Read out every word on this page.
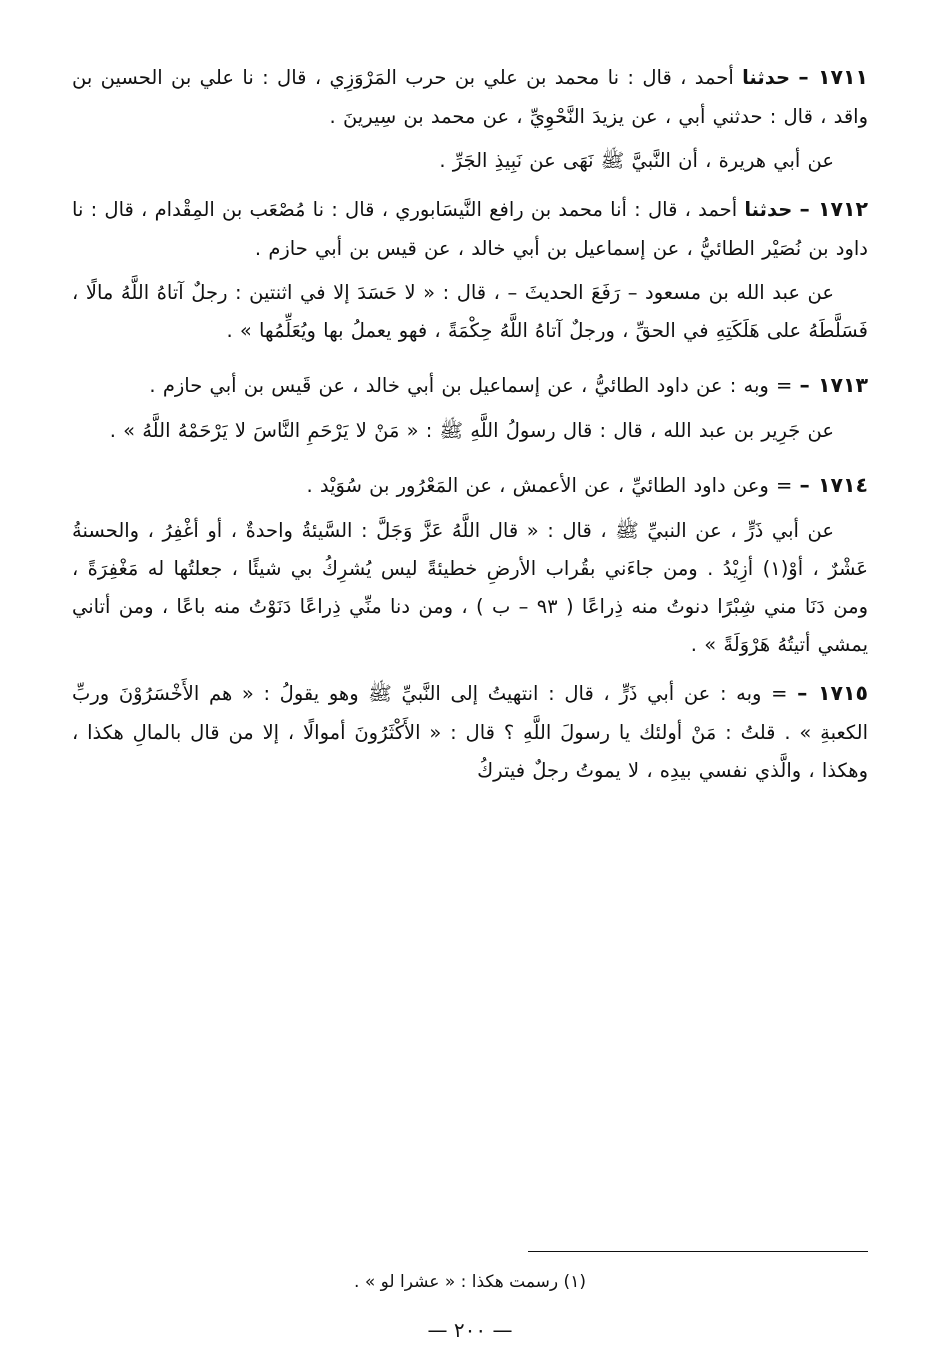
١٧١١ – حدثنا أحمد ، قال : نا محمد بن علي بن حرب المَرْوَزِي ، قال : نا علي بن الحسين بن واقد ، قال : حدثني أبي ، عن يزيدَ النَّحْوِيِّ ، عن محمد بن سِيرينَ .

عن أبي هريرة ، أن النَّبيَّ ﷺ نَهَى عن نَبِيذِ الجَرِّ .

١٧١٢ – حدثنا أحمد ، قال : أنا محمد بن رافع النَّيسَابوري ، قال : نا مُصْعَب بن المِقْدام ، قال : نا داود بن نُصَيْر الطائيُّ ، عن إسماعيل بن أبي خالد ، عن قيس بن أبي حازم .

عن عبد الله بن مسعود – رَفَعَ الحديثَ – ، قال : « لا حَسَدَ إلا في اثنتين : رجلٌ آتاهُ اللَّهُ مالًا ، فَسَلَّطَهُ على هَلَكَتِهِ في الحقِّ ، ورجلٌ آتاهُ اللَّهُ حِكْمَةً ، فهو يعملُ بها ويُعَلِّمُها » .

١٧١٣ – = وبه : عن داود الطائيُّ ، عن إسماعيل بن أبي خالد ، عن قَيس بن أبي حازم .

عن جَرِير بن عبد الله ، قال : قال رسولُ اللَّهِ ﷺ : « مَنْ لا يَرْحَمِ النَّاسَ لا يَرْحَمْهُ اللَّهُ » .

١٧١٤ – = وعن داود الطائيِّ ، عن الأعمش ، عن المَعْرُور بن سُوَيْد .

عن أبي ذَرٍّ ، عن النبيِّ ﷺ ، قال : « قال اللَّهُ عَزَّ وَجَلَّ : السَّيئةُ واحدةٌ ، أو أغْفِرُ ، والحسنةُ عَشْرٌ ، أوْ(١) أزِيْدُ . ومن جاءَني بقُراب الأرضِ خطيئةً ليس يُشرِكُ بي شيئًا ، جعلتُها له مَغْفِرَةً ، ومن دَنَا مني شِبْرًا دنوتُ منه ذِراعًا ( ٩٣ – ب ) ، ومن دنا منِّي ذِراعًا دَنَوْتُ منه باعًا ، ومن أتاني يمشي أتيتُهُ هَرْوَلَةً » .

١٧١٥ – = وبه : عن أبي ذَرٍّ ، قال : انتهيتُ إلى النَّبيِّ ﷺ وهو يقولُ : « هم الأَخْسَرُوْنَ وربِّ الكعبةِ » . قلتُ : مَنْ أولئك يا رسولَ اللَّهِ ؟ قال : « الأَكْثَرُونَ أموالًا ، إلا من قال بالمالِ هكذا ، وهكذا ، والَّذي نفسي بيدِه ، لا يموتُ رجلٌ فيتركُ

(١) رسمت هكذا : « عشرا لو » .
— ٢٠٠ —
